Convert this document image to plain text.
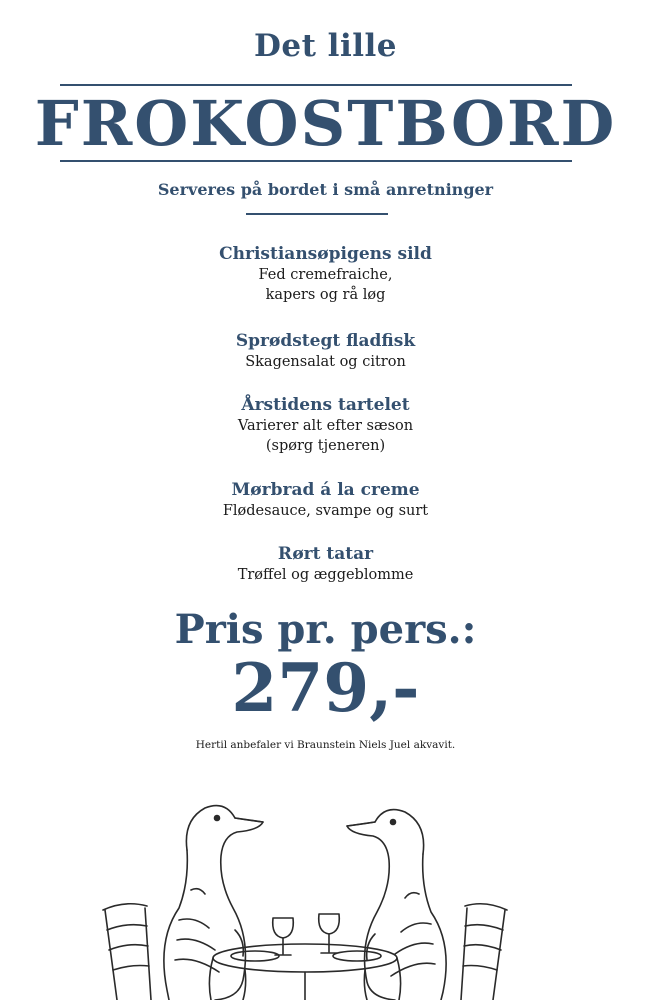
Det lille
FROKOSTBORD
Serveres på bordet i små anretninger
Christiansøpigens sild
Fed cremefraiche,
kapers og rå løg
Sprødstegt fladfisk
Skagensalat og citron
Årstidens tartelet
Varierer alt efter sæson
(spørg tjeneren)
Mørbrad á la creme
Flødesauce, svampe og surt
Rørt tatar
Trøffel og æggeblomme
Pris pr. pers.:
279,-
Hertil anbefaler vi Braunstein Niels Juel akvavit.
